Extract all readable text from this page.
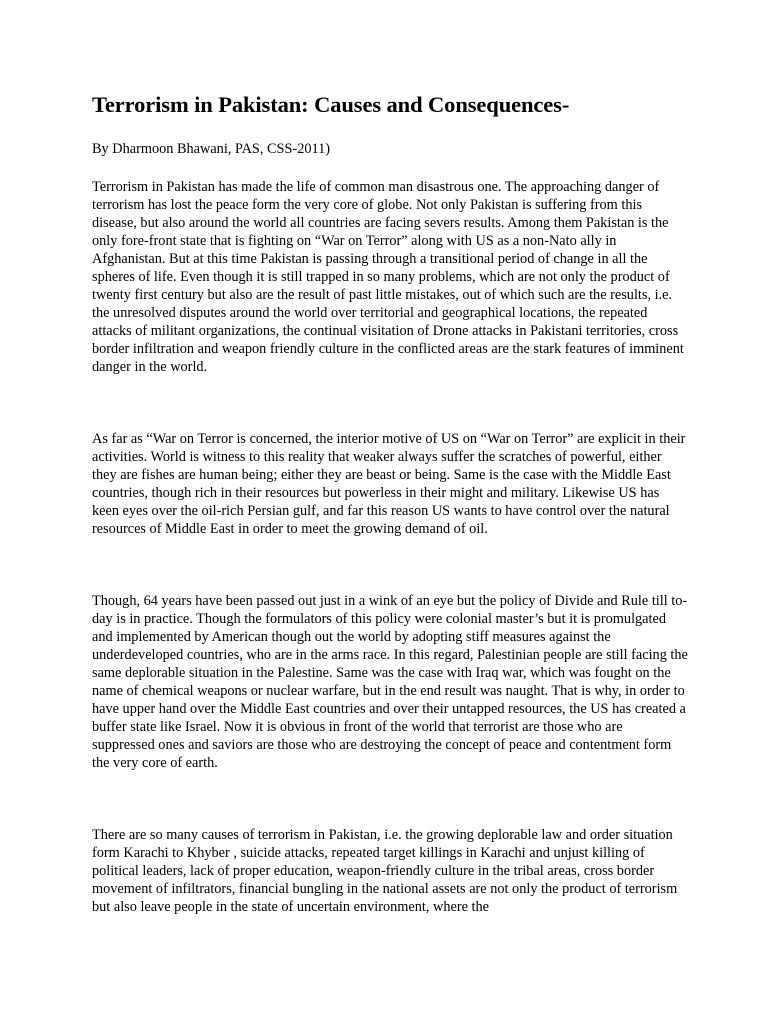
Terrorism in Pakistan: Causes and Consequences-

By Dharmoon Bhawani, PAS, CSS-2011)

Terrorism in Pakistan has made the life of common man disastrous one. The approaching danger of terrorism has lost the peace form the very core of globe. Not only Pakistan is suffering from this disease, but also around the world all countries are facing severs results. Among them Pakistan is the only fore-front state that is fighting on “War on Terror” along with US as a non-Nato ally in Afghanistan. But at this time Pakistan is passing through a transitional period of change in all the spheres of life. Even though it is still trapped in so many problems, which are not only the product of twenty first century but also are the result of past little mistakes, out of which such are the results, i.e. the unresolved disputes around the world over territorial and geographical locations, the repeated attacks of militant organizations, the continual visitation of Drone attacks in Pakistani territories, cross border infiltration and weapon friendly culture in the conflicted areas are the stark features of imminent danger in the world.

As far as “War on Terror is concerned, the interior motive of US on “War on Terror” are explicit in their activities. World is witness to this reality that weaker always suffer the scratches of powerful, either they are fishes are human being; either they are beast or being. Same is the case with the Middle East countries, though rich in their resources but powerless in their might and military. Likewise US has keen eyes over the oil-rich Persian gulf, and far this reason US wants to have control over the natural resources of Middle East in order to meet the growing demand of oil.

Though, 64 years have been passed out just in a wink of an eye but the policy of Divide and Rule till to-day is in practice. Though the formulators of this policy were colonial master’s but it is promulgated and implemented by American though out the world by adopting stiff measures against the underdeveloped countries, who are in the arms race. In this regard, Palestinian people are still facing the same deplorable situation in the Palestine. Same was the case with Iraq war, which was fought on the name of chemical weapons or nuclear warfare, but in the end result was naught. That is why, in order to have upper hand over the Middle East countries and over their untapped resources, the US has created a buffer state like Israel. Now it is obvious in front of the world that terrorist are those who are suppressed ones and saviors are those who are destroying the concept of peace and contentment form the very core of earth.

There are so many causes of terrorism in Pakistan, i.e. the growing deplorable law and order situation form Karachi to Khyber , suicide attacks, repeated target killings in Karachi and unjust killing of political leaders, lack of proper education, weapon-friendly culture in the tribal areas, cross border movement of infiltrators, financial bungling in the national assets are not only the product of terrorism but also leave people in the state of uncertain environment, where the
